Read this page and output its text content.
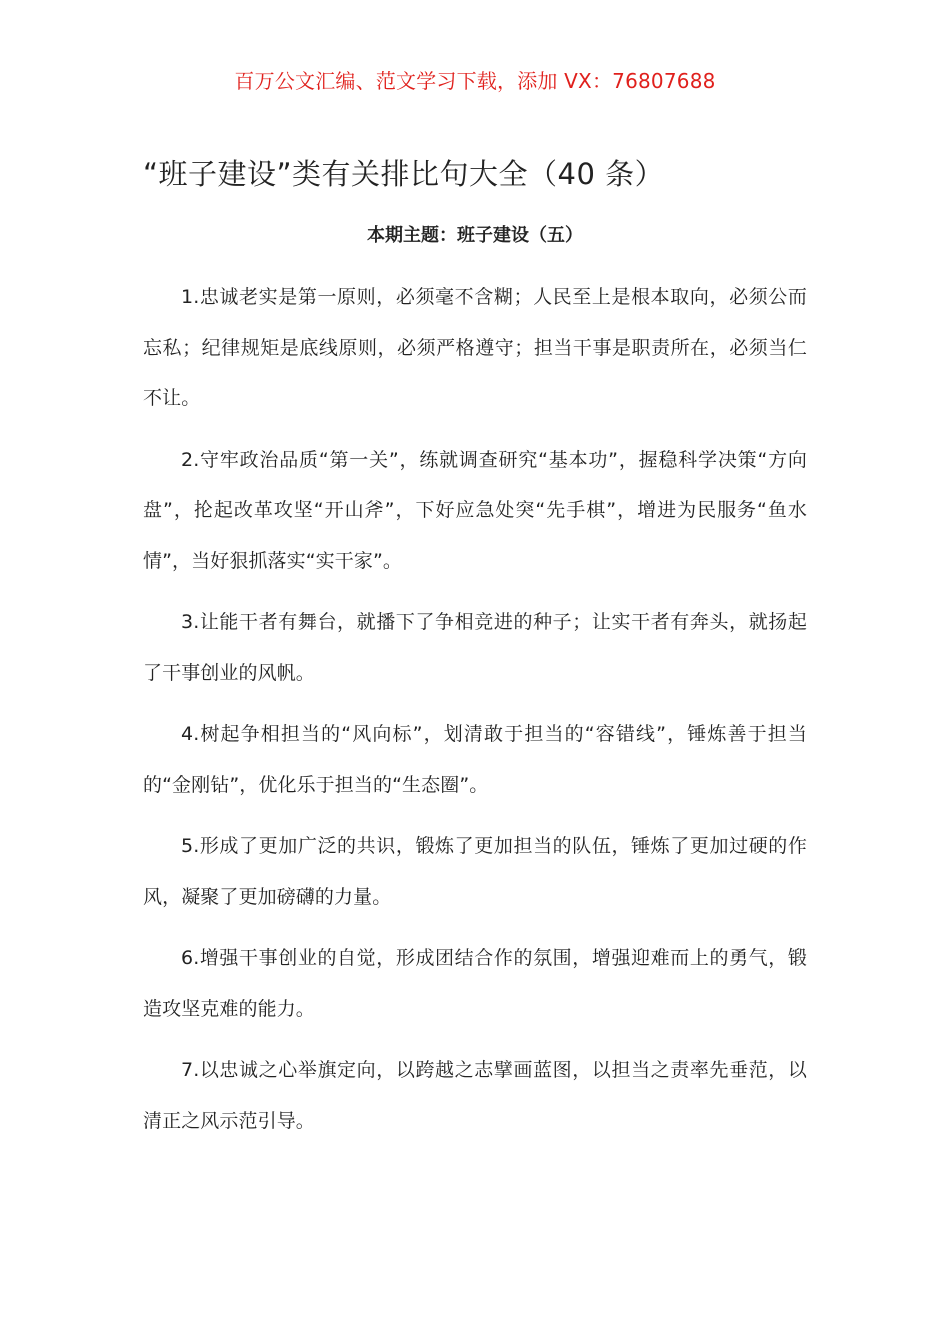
百万公文汇编、范文学习下载，添加 VX：76807688
“班子建设”类有关排比句大全（40 条）
本期主题：班子建设（五）

1.忠诚老实是第一原则，必须毫不含糊；人民至上是根本取向，必须公而忘私；纪律规矩是底线原则，必须严格遵守；担当干事是职责所在，必须当仁不让。

2.守牢政治品质“第一关”，练就调查研究“基本功”，握稳科学决策“方向盘”，抡起改革攻坚“开山斧”，下好应急处突“先手棋”，增进为民服务“鱼水情”，当好狠抓落实“实干家”。

3.让能干者有舞台，就播下了争相竞进的种子；让实干者有奔头，就扬起了干事创业的风帆。

4.树起争相担当的“风向标”，划清敢于担当的“容错线”，锤炼善于担当的“金刚钻”，优化乐于担当的“生态圈”。

5.形成了更加广泛的共识，锻炼了更加担当的队伍，锤炼了更加过硬的作风，凝聚了更加磅礴的力量。

6.增强干事创业的自觉，形成团结合作的氛围，增强迎难而上的勇气，锻造攻坚克难的能力。

7.以忠诚之心举旗定向，以跨越之志擘画蓝图，以担当之责率先垂范，以清正之风示范引导。
